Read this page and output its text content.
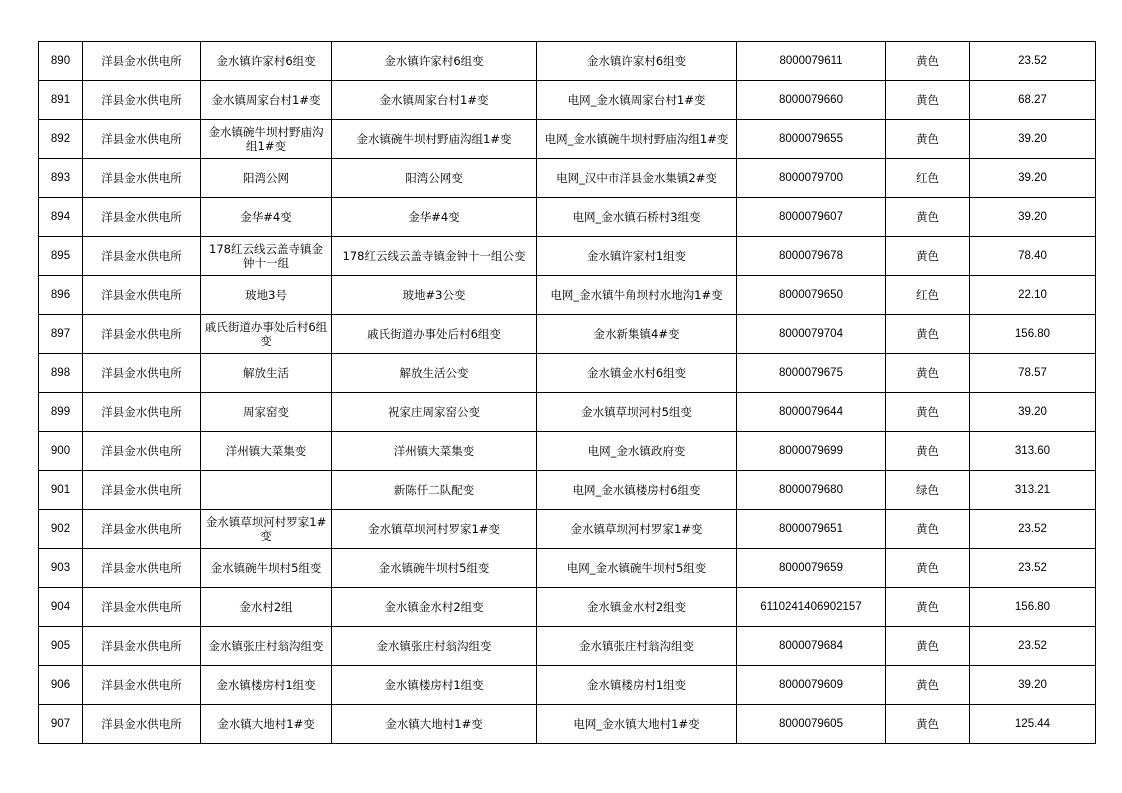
890	洋县金水供电所	金水镇许家村6组变	金水镇许家村6组变	金水镇许家村6组变	8000079611	黄色	23.52
891	洋县金水供电所	金水镇周家台村1#变	金水镇周家台村1#变	电网_金水镇周家台村1#变	8000079660	黄色	68.27
892	洋县金水供电所	金水镇碗牛坝村野庙沟组1#变	金水镇碗牛坝村野庙沟组1#变	电网_金水镇碗牛坝村野庙沟组1#变	8000079655	黄色	39.20
893	洋县金水供电所	阳湾公网	阳湾公网变	电网_汉中市洋县金水集镇2#变	8000079700	红色	39.20
894	洋县金水供电所	金华#4变	金华#4变	电网_金水镇石桥村3组变	8000079607	黄色	39.20
895	洋县金水供电所	178红云线云盖寺镇金钟十一组	178红云线云盖寺镇金钟十一组公变	金水镇许家村1组变	8000079678	黄色	78.40
896	洋县金水供电所	玻地3号	玻地#3公变	电网_金水镇牛角坝村水地沟1#变	8000079650	红色	22.10
897	洋县金水供电所	戚氏街道办事处后村6组变	戚氏街道办事处后村6组变	金水新集镇4#变	8000079704	黄色	156.80
898	洋县金水供电所	解放生活	解放生活公变	金水镇金水村6组变	8000079675	黄色	78.57
899	洋县金水供电所	周家窑变	祝家庄周家窑公变	金水镇草坝河村5组变	8000079644	黄色	39.20
900	洋县金水供电所	洋州镇大菜集变	洋州镇大菜集变	电网_金水镇政府变	8000079699	黄色	313.60
901	洋县金水供电所		新陈仟二队配变	电网_金水镇楼房村6组变	8000079680	绿色	313.21
902	洋县金水供电所	金水镇草坝河村罗家1#变	金水镇草坝河村罗家1#变	金水镇草坝河村罗家1#变	8000079651	黄色	23.52
903	洋县金水供电所	金水镇碗牛坝村5组变	金水镇碗牛坝村5组变	电网_金水镇碗牛坝村5组变	8000079659	黄色	23.52
904	洋县金水供电所	金水村2组	金水镇金水村2组变	金水镇金水村2组变	6110241406902157	黄色	156.80
905	洋县金水供电所	金水镇张庄村翁沟组变	金水镇张庄村翁沟组变	金水镇张庄村翁沟组变	8000079684	黄色	23.52
906	洋县金水供电所	金水镇楼房村1组变	金水镇楼房村1组变	金水镇楼房村1组变	8000079609	黄色	39.20
907	洋县金水供电所	金水镇大地村1#变	金水镇大地村1#变	电网_金水镇大地村1#变	8000079605	黄色	125.44
